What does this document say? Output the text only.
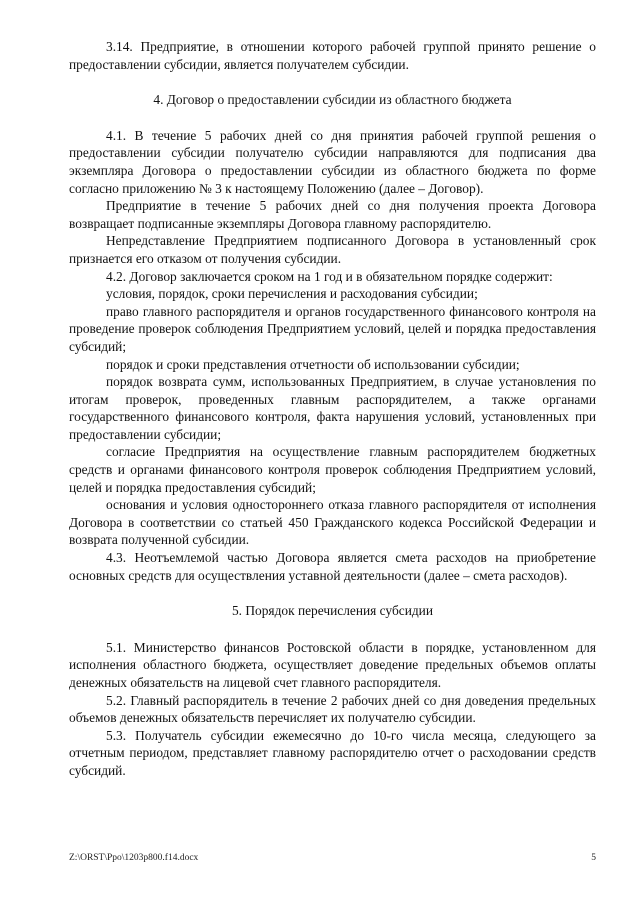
3.14. Предприятие, в отношении которого рабочей группой принято решение о предоставлении субсидии, является получателем субсидии.

4. Договор о предоставлении субсидии из областного бюджета

4.1. В течение 5 рабочих дней со дня принятия рабочей группой решения о предоставлении субсидии получателю субсидии направляются для подписания два экземпляра Договора о предоставлении субсидии из областного бюджета по форме согласно приложению № 3 к настоящему Положению (далее – Договор).

Предприятие в течение 5 рабочих дней со дня получения проекта Договора возвращает подписанные экземпляры Договора главному распорядителю.

Непредставление Предприятием подписанного Договора в установленный срок признается его отказом от получения субсидии.

4.2. Договор заключается сроком на 1 год и в обязательном порядке содержит:

условия, порядок, сроки перечисления и расходования субсидии;

право главного распорядителя и органов государственного финансового контроля на проведение проверок соблюдения Предприятием условий, целей и порядка предоставления субсидий;

порядок и сроки представления отчетности об использовании субсидии;

порядок возврата сумм, использованных Предприятием, в случае установления по итогам проверок, проведенных главным распорядителем, а также органами государственного финансового контроля, факта нарушения условий, установленных при предоставлении субсидии;

согласие Предприятия на осуществление главным распорядителем бюджетных средств и органами финансового контроля проверок соблюдения Предприятием условий, целей и порядка предоставления субсидий;

основания и условия одностороннего отказа главного распорядителя от исполнения Договора в соответствии со статьей 450 Гражданского кодекса Российской Федерации и возврата полученной субсидии.

4.3. Неотъемлемой частью Договора является смета расходов на приобретение основных средств для осуществления уставной деятельности (далее – смета расходов).

5. Порядок перечисления субсидии

5.1. Министерство финансов Ростовской области в порядке, установленном для исполнения областного бюджета, осуществляет доведение предельных объемов оплаты денежных обязательств на лицевой счет главного распорядителя.

5.2. Главный распорядитель в течение 2 рабочих дней со дня доведения предельных объемов денежных обязательств перечисляет их получателю субсидии.

5.3. Получатель субсидии ежемесячно до 10-го числа месяца, следующего за отчетным периодом, представляет главному распорядителю отчет о расходовании средств субсидий.

Z:\ORST\Ppo\1203p800.f14.docx	5
